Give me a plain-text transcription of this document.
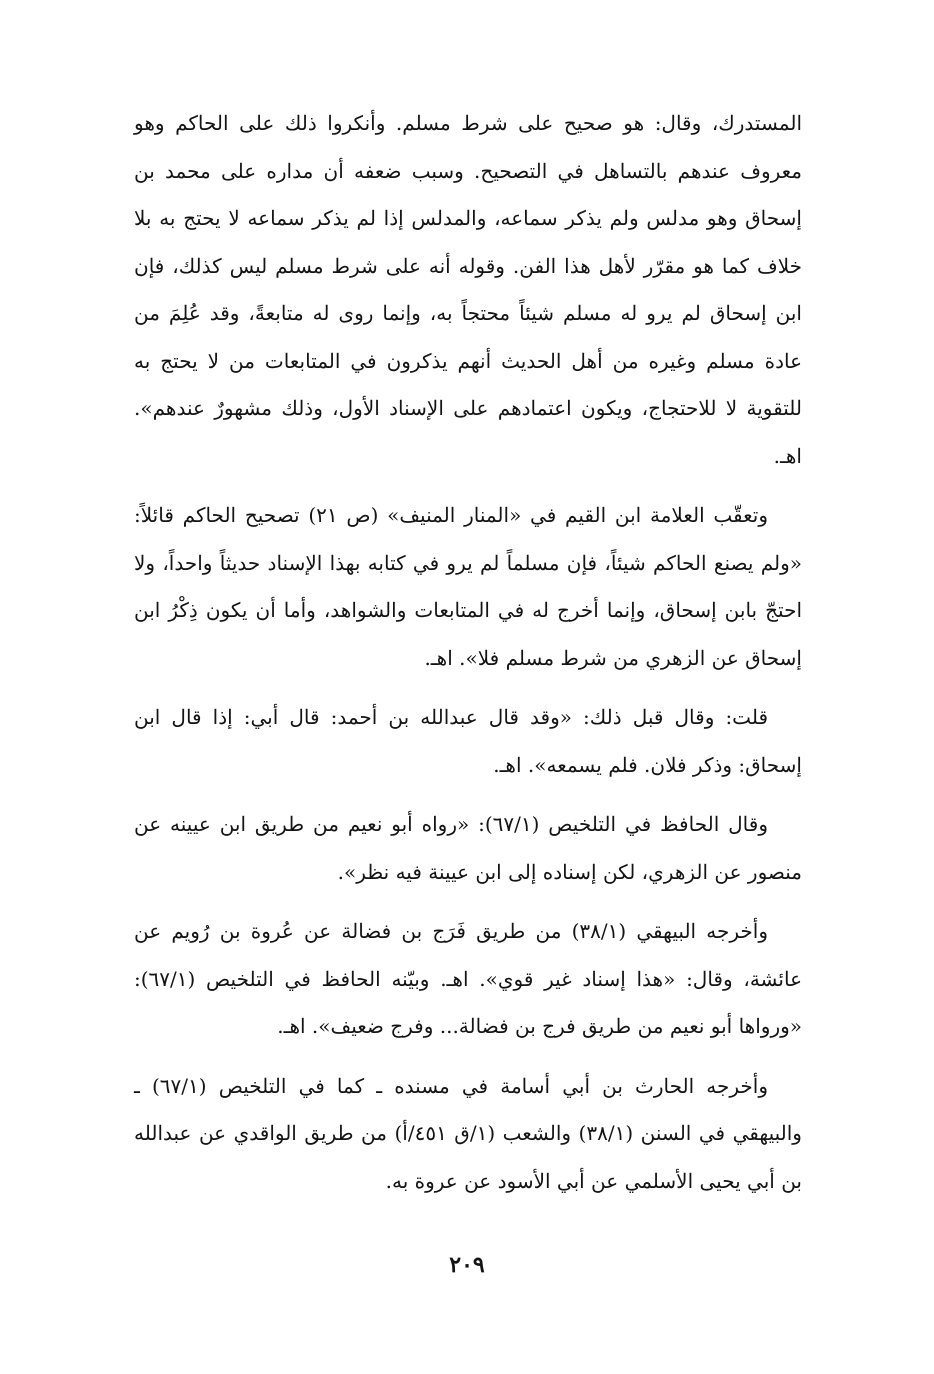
المستدرك، وقال: هو صحيح على شرط مسلم. وأنكروا ذلك على الحاكم وهو معروف عندهم بالتساهل في التصحيح. وسبب ضعفه أن مداره على محمد بن إسحاق وهو مدلس ولم يذكر سماعه، والمدلس إذا لم يذكر سماعه لا يحتج به بلا خلاف كما هو مقرّر لأهل هذا الفن. وقوله أنه على شرط مسلم ليس كذلك، فإن ابن إسحاق لم يرو له مسلم شيئاً محتجاً به، وإنما روى له متابعةً، وقد عُلِمَ من عادة مسلم وغيره من أهل الحديث أنهم يذكرون في المتابعات من لا يحتج به للتقوية لا للاحتجاج، ويكون اعتمادهم على الإسناد الأول، وذلك مشهورٌ عندهم». اهـ.

وتعقّب العلامة ابن القيم في «المنار المنيف» (ص ٢١) تصحيح الحاكم قائلاً: «ولم يصنع الحاكم شيئاً، فإن مسلماً لم يرو في كتابه بهذا الإسناد حديثاً واحداً، ولا احتجّ بابن إسحاق، وإنما أخرج له في المتابعات والشواهد، وأما أن يكون ذِكْرُ ابن إسحاق عن الزهري من شرط مسلم فلا». اهـ.

قلت: وقال قبل ذلك: «وقد قال عبدالله بن أحمد: قال أبي: إذا قال ابن إسحاق: وذكر فلان. فلم يسمعه». اهـ.

وقال الحافظ في التلخيص (٦٧/١): «رواه أبو نعيم من طريق ابن عيينه عن منصور عن الزهري، لكن إسناده إلى ابن عيينة فيه نظر».

وأخرجه البيهقي (٣٨/١) من طريق فَرَج بن فضالة عن عُروة بن رُويم عن عائشة، وقال: «هذا إسناد غير قوي». اهـ. وبيّنه الحافظ في التلخيص (٦٧/١): «ورواها أبو نعيم من طريق فرج بن فضالة... وفرج ضعيف». اهـ.

وأخرجه الحارث بن أبي أسامة في مسنده ـ كما في التلخيص (٦٧/١) ـ والبيهقي في السنن (٣٨/١) والشعب (١/ق ٤٥١/أ) من طريق الواقدي عن عبدالله بن أبي يحيى الأسلمي عن أبي الأسود عن عروة به.

٢٠٩
